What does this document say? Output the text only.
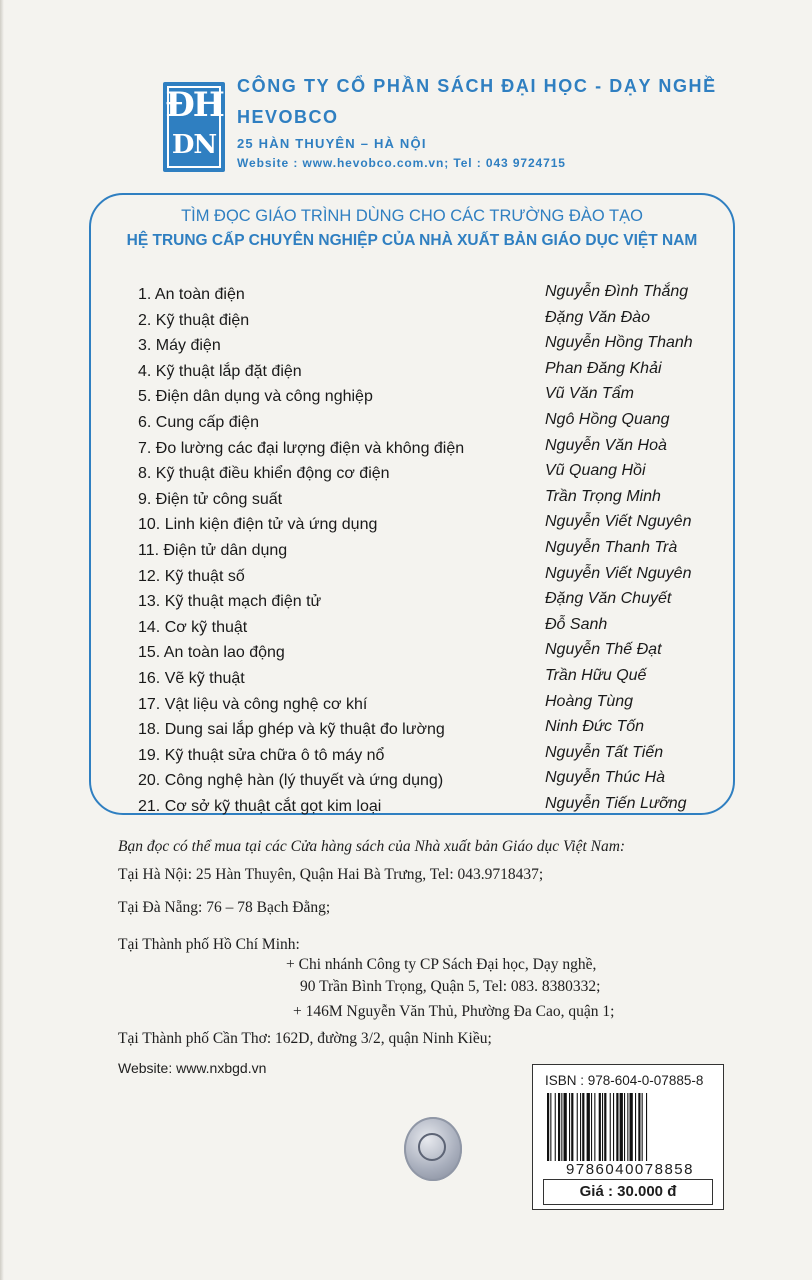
ĐH
DN
CÔNG TY CỔ PHẦN SÁCH ĐẠI HỌC - DẠY NGHỀ
HEVOBCO
25 HÀN THUYÊN – HÀ NỘI
Website : www.hevobco.com.vn; Tel : 043 9724715
TÌM ĐỌC GIÁO TRÌNH DÙNG CHO CÁC TRƯỜNG ĐÀO TẠO
HỆ TRUNG CẤP CHUYÊN NGHIỆP CỦA NHÀ XUẤT BẢN GIÁO DỤC VIỆT NAM
1. An toàn điện	Nguyễn Đình Thắng
2. Kỹ thuật điện	Đặng Văn Đào
3. Máy điện	Nguyễn Hồng Thanh
4. Kỹ thuật lắp đặt điện	Phan Đăng Khải
5. Điện dân dụng và công nghiệp	Vũ Văn Tẩm
6. Cung cấp điện	Ngô Hồng Quang
7. Đo lường các đại lượng điện và không điện	Nguyễn Văn Hoà
8. Kỹ thuật điều khiển động cơ điện	Vũ Quang Hồi
9. Điện tử công suất	Trần Trọng Minh
10. Linh kiện điện tử và ứng dụng	Nguyễn Viết Nguyên
11. Điện tử dân dụng	Nguyễn Thanh Trà
12. Kỹ thuật số	Nguyễn Viết Nguyên
13. Kỹ thuật mạch điện tử	Đặng Văn Chuyết
14. Cơ kỹ thuật	Đỗ Sanh
15. An toàn lao động	Nguyễn Thế Đạt
16. Vẽ kỹ thuật	Trần Hữu Quế
17. Vật liệu và công nghệ cơ khí	Hoàng Tùng
18. Dung sai lắp ghép và kỹ thuật đo lường	Ninh Đức Tốn
19. Kỹ thuật sửa chữa ô tô máy nổ	Nguyễn Tất Tiến
20. Công nghệ hàn (lý thuyết và ứng dụng)	Nguyễn Thúc Hà
21. Cơ sở kỹ thuật cắt gọt kim loại	Nguyễn Tiến Lưỡng
Bạn đọc có thể mua tại các Cửa hàng sách của Nhà xuất bản Giáo dục Việt Nam:
Tại Hà Nội: 25 Hàn Thuyên, Quận Hai Bà Trưng, Tel: 043.9718437;
Tại Đà Nẵng: 76 – 78 Bạch Đằng;
Tại Thành phố Hồ Chí Minh:
+ Chi nhánh Công ty CP Sách Đại học, Dạy nghề,
90 Trần Bình Trọng, Quận 5, Tel: 083. 8380332;
+ 146M Nguyễn Văn Thủ, Phường Đa Cao, quận 1;
Tại Thành phố Cần Thơ: 162D, đường 3/2, quận Ninh Kiều;
Website: www.nxbgd.vn
ISBN : 978-604-0-07885-8
9786040078858
Giá : 30.000 đ
